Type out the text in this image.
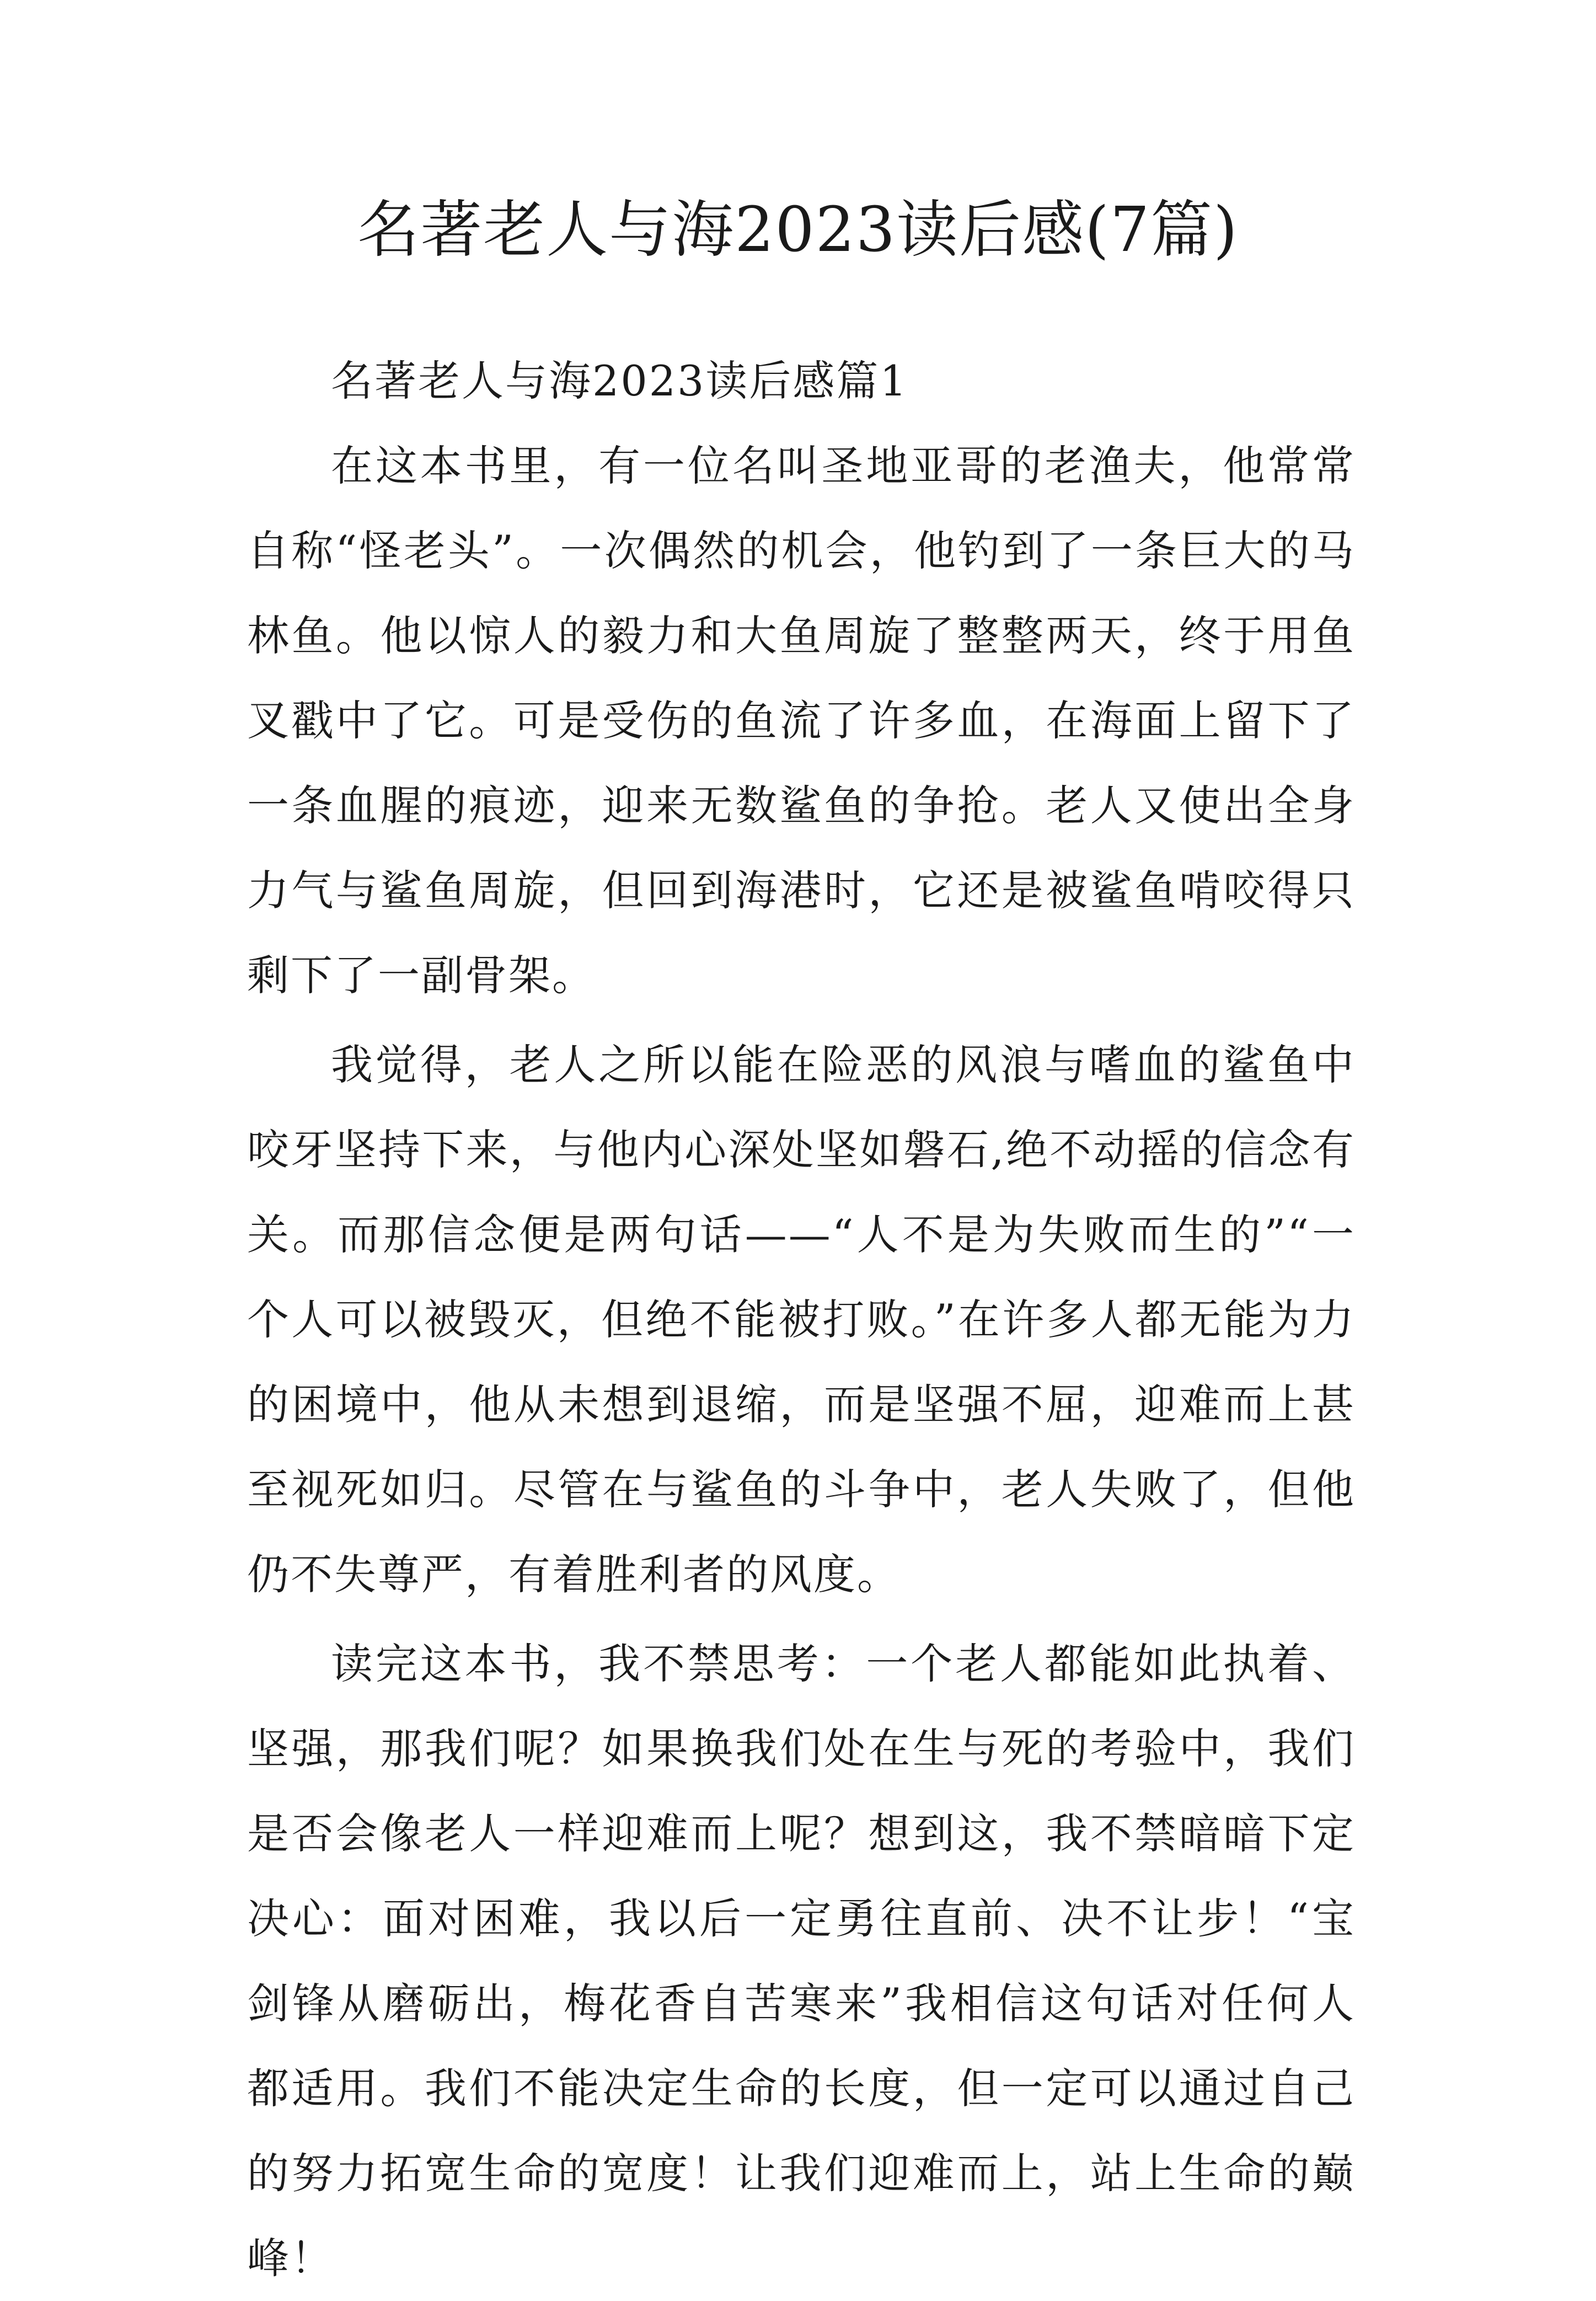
名著老人与海2023读后感(7篇)

名著老人与海2023读后感篇1

在这本书里，有一位名叫圣地亚哥的老渔夫，他常常自称“怪老头”。一次偶然的机会，他钓到了一条巨大的马林鱼。他以惊人的毅力和大鱼周旋了整整两天，终于用鱼叉戳中了它。可是受伤的鱼流了许多血，在海面上留下了一条血腥的痕迹，迎来无数鲨鱼的争抢。老人又使出全身力气与鲨鱼周旋，但回到海港时，它还是被鲨鱼啃咬得只剩下了一副骨架。

我觉得，老人之所以能在险恶的风浪与嗜血的鲨鱼中咬牙坚持下来，与他内心深处坚如磐石,绝不动摇的信念有关。而那信念便是两句话——“人不是为失败而生的”“一个人可以被毁灭，但绝不能被打败。”在许多人都无能为力的困境中，他从未想到退缩，而是坚强不屈，迎难而上甚至视死如归。尽管在与鲨鱼的斗争中，老人失败了，但他仍不失尊严，有着胜利者的风度。

读完这本书，我不禁思考：一个老人都能如此执着、坚强，那我们呢？如果换我们处在生与死的考验中，我们是否会像老人一样迎难而上呢？想到这，我不禁暗暗下定决心：面对困难，我以后一定勇往直前、决不让步！“宝剑锋从磨砺出，梅花香自苦寒来”我相信这句话对任何人都适用。我们不能决定生命的长度，但一定可以通过自己的努力拓宽生命的宽度！让我们迎难而上，站上生命的巅峰！
